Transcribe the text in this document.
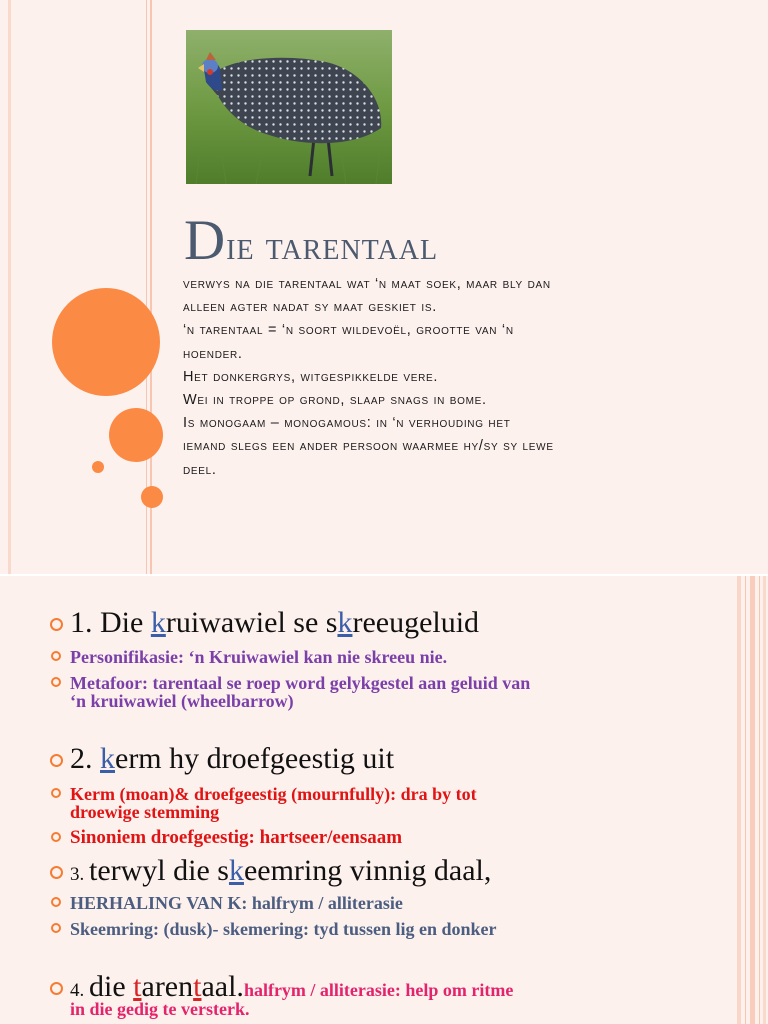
Die tarentaal

verwys na die tarentaal wat ‘n maat soek, maar bly dan

alleen agter nadat sy maat geskiet is.

‘n tarentaal = ‘n soort wildevoël, grootte van ‘n

hoender.

Het donkergrys, witgespikkelde vere.

Wei in troppe op grond, slaap snags in bome.

Is monogaam – monogamous: in ‘n verhouding het

iemand slegs een ander persoon waarmee hy/sy sy lewe

deel.

1. Die kruiwawiel se skreeugeluid
Personifikasie: ‘n Kruiwawiel kan nie skreeu nie.
Metafoor: tarentaal se roep word gelykgestel aan geluid van
‘n kruiwawiel (wheelbarrow)
2. kerm hy droefgeestig uit
Kerm (moan)& droefgeestig (mournfully): dra by tot
droewige stemming
Sinoniem droefgeestig: hartseer/eensaam
3. terwyl die skeemring vinnig daal,
HERHALING VAN K: halfrym / alliterasie
Skeemring: (dusk)- skemering: tyd tussen lig en donker
4. die tarentaal.halfrym / alliterasie: help om ritme
in die gedig te versterk.
